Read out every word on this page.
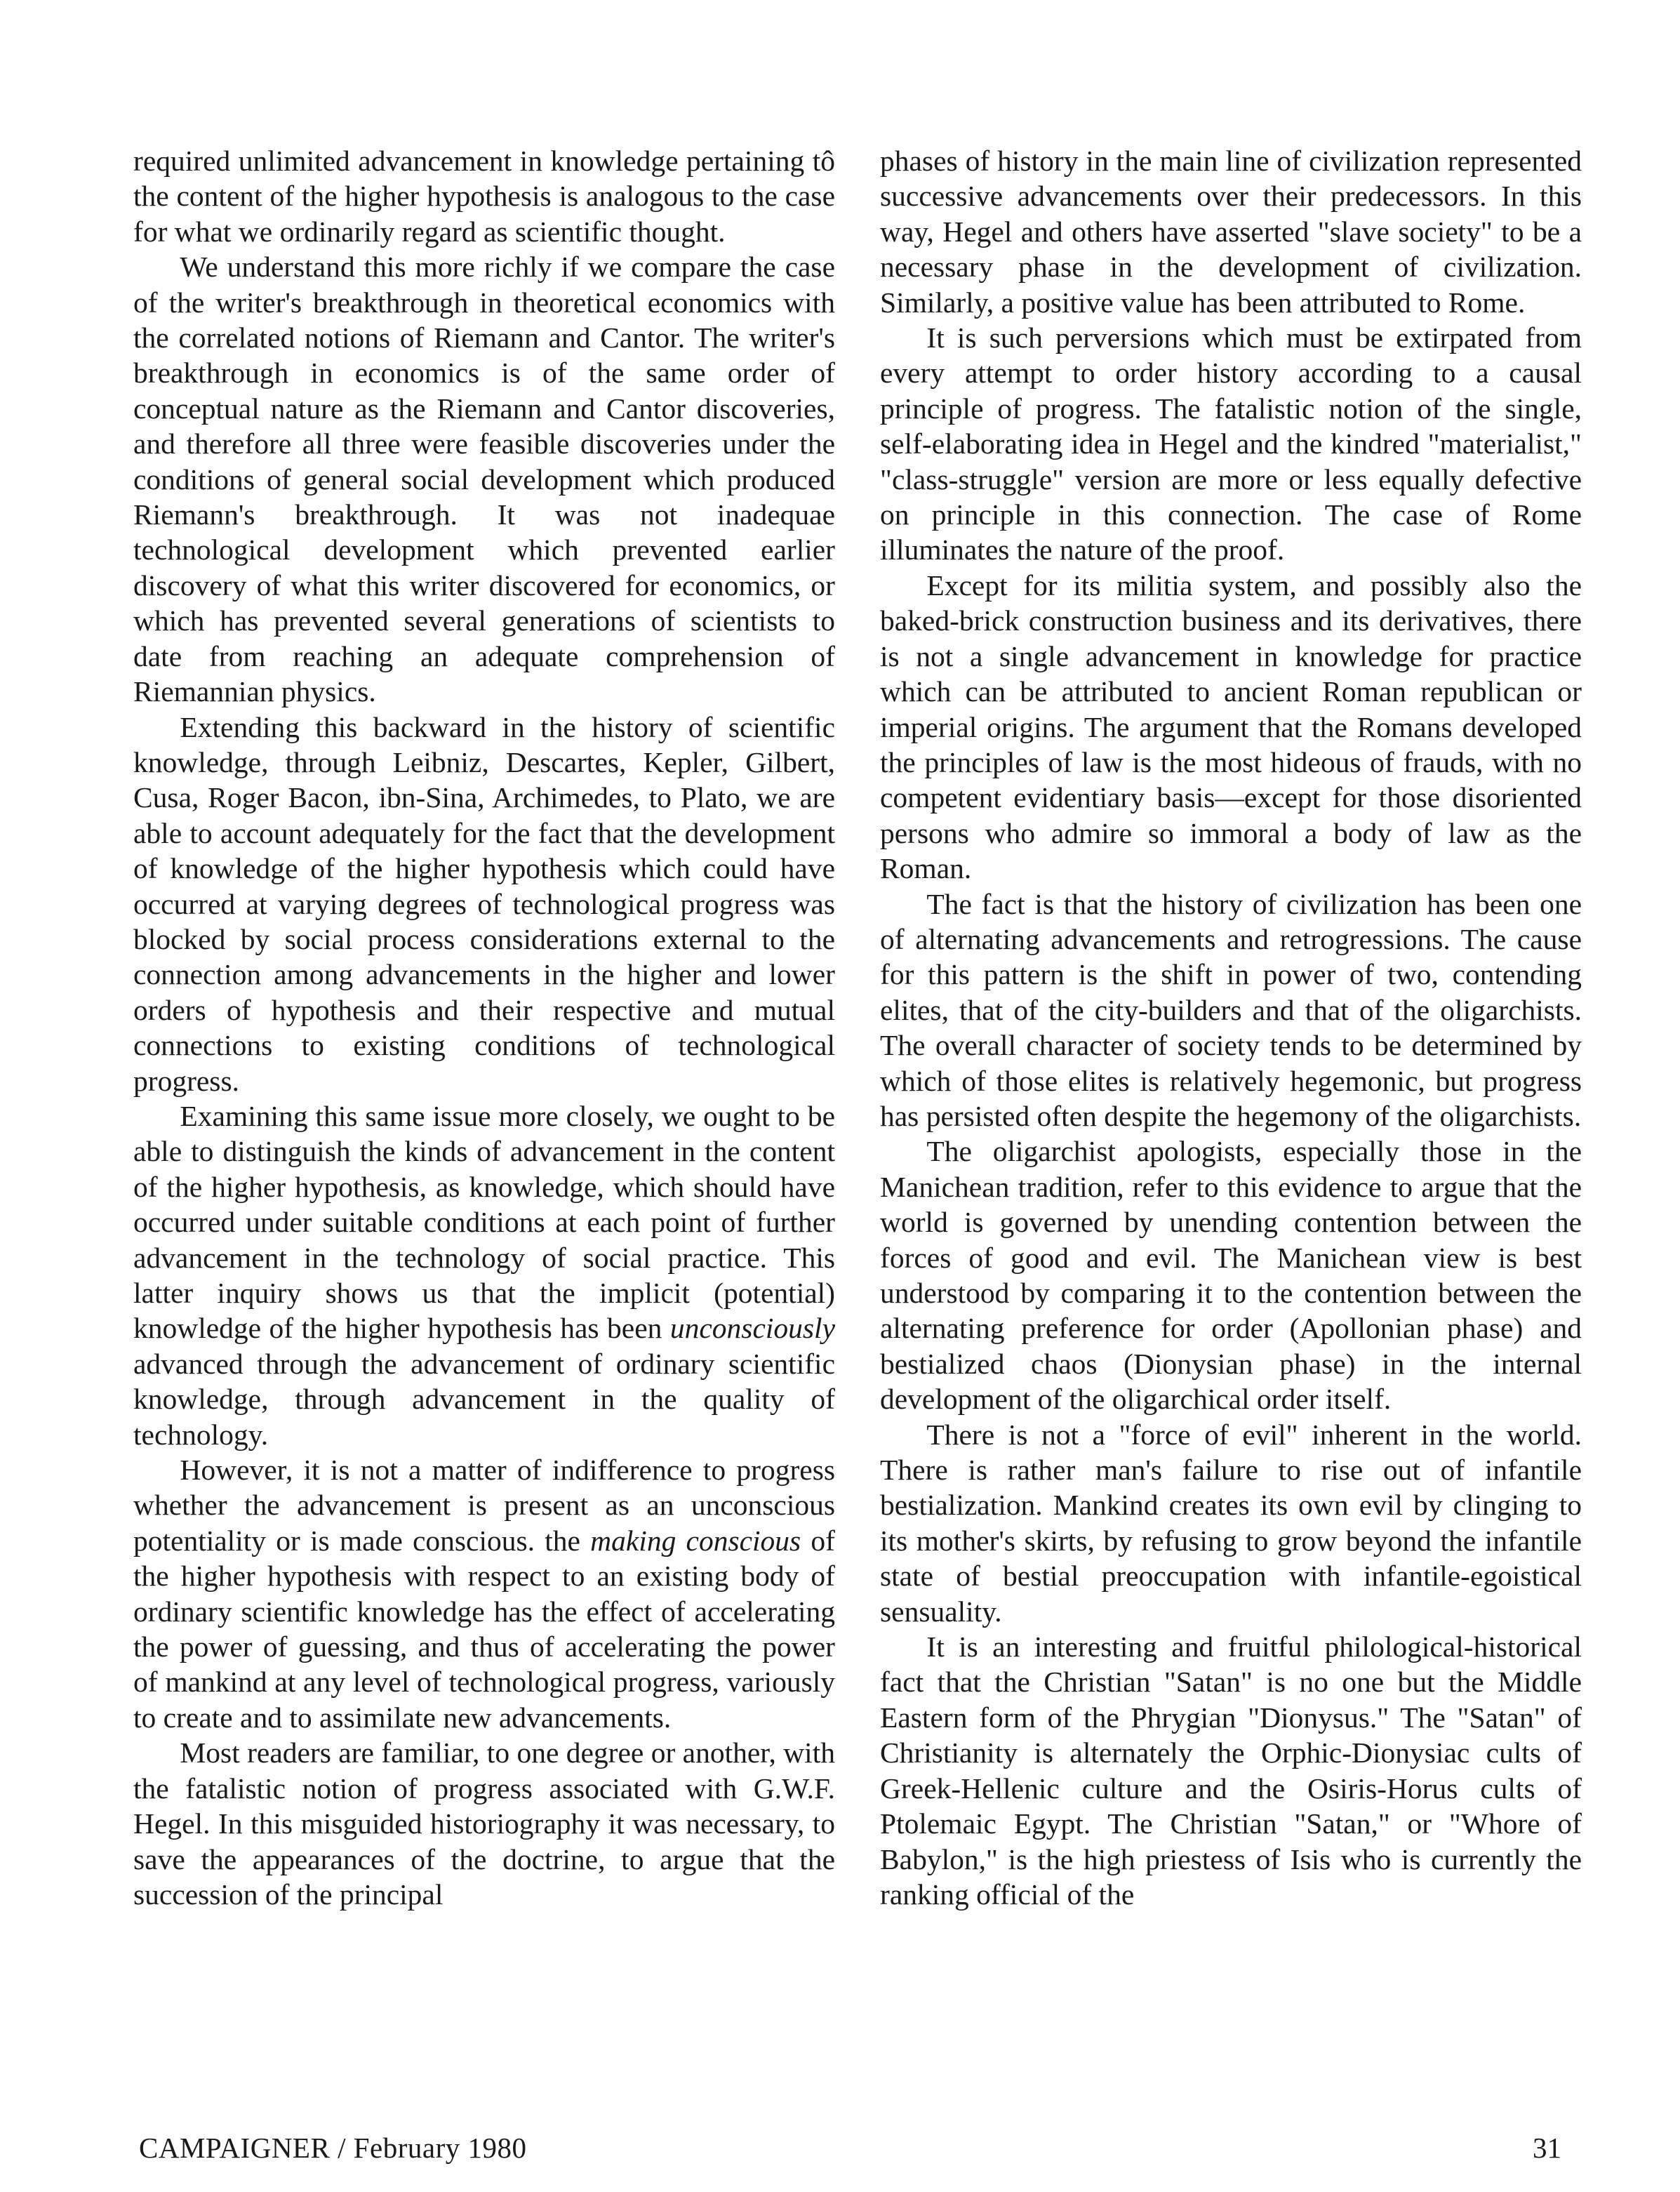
required unlimited advancement in knowledge pertaining tô the content of the higher hypothesis is analogous to the case for what we ordinarily regard as scientific thought.

We understand this more richly if we compare the case of the writer's breakthrough in theoretical economics with the correlated notions of Riemann and Cantor. The writer's breakthrough in economics is of the same order of conceptual nature as the Riemann and Cantor discoveries, and therefore all three were feasible discoveries under the conditions of general social development which produced Riemann's breakthrough. It was not inadequae technological development which prevented earlier discovery of what this writer discovered for economics, or which has prevented several generations of scientists to date from reaching an adequate comprehension of Riemannian physics.

Extending this backward in the history of scientific knowledge, through Leibniz, Descartes, Kepler, Gilbert, Cusa, Roger Bacon, ibn-Sina, Archimedes, to Plato, we are able to account adequately for the fact that the development of knowledge of the higher hypothesis which could have occurred at varying degrees of technological progress was blocked by social process considerations external to the connection among advancements in the higher and lower orders of hypothesis and their respective and mutual connections to existing conditions of technological progress.

Examining this same issue more closely, we ought to be able to distinguish the kinds of advancement in the content of the higher hypothesis, as knowledge, which should have occurred under suitable conditions at each point of further advancement in the technology of social practice. This latter inquiry shows us that the implicit (potential) knowledge of the higher hypothesis has been unconsciously advanced through the advancement of ordinary scientific knowledge, through advancement in the quality of technology.

However, it is not a matter of indifference to progress whether the advancement is present as an unconscious potentiality or is made conscious. the making conscious of the higher hypothesis with respect to an existing body of ordinary scientific knowledge has the effect of accelerating the power of guessing, and thus of accelerating the power of mankind at any level of technological progress, variously to create and to assimilate new advancements.

Most readers are familiar, to one degree or another, with the fatalistic notion of progress associated with G.W.F. Hegel. In this misguided historiography it was necessary, to save the appearances of the doctrine, to argue that the succession of the principal

phases of history in the main line of civilization represented successive advancements over their predecessors. In this way, Hegel and others have asserted "slave society" to be a necessary phase in the development of civilization. Similarly, a positive value has been attributed to Rome.

It is such perversions which must be extirpated from every attempt to order history according to a causal principle of progress. The fatalistic notion of the single, self-elaborating idea in Hegel and the kindred "materialist," "class-struggle" version are more or less equally defective on principle in this connection. The case of Rome illuminates the nature of the proof.

Except for its militia system, and possibly also the baked-brick construction business and its derivatives, there is not a single advancement in knowledge for practice which can be attributed to ancient Roman republican or imperial origins. The argument that the Romans developed the principles of law is the most hideous of frauds, with no competent evidentiary basis—except for those disoriented persons who admire so immoral a body of law as the Roman.

The fact is that the history of civilization has been one of alternating advancements and retrogressions. The cause for this pattern is the shift in power of two, contending elites, that of the city-builders and that of the oligarchists. The overall character of society tends to be determined by which of those elites is relatively hegemonic, but progress has persisted often despite the hegemony of the oligarchists.

The oligarchist apologists, especially those in the Manichean tradition, refer to this evidence to argue that the world is governed by unending contention between the forces of good and evil. The Manichean view is best understood by comparing it to the contention between the alternating preference for order (Apollonian phase) and bestialized chaos (Dionysian phase) in the internal development of the oligarchical order itself.

There is not a "force of evil" inherent in the world. There is rather man's failure to rise out of infantile bestialization. Mankind creates its own evil by clinging to its mother's skirts, by refusing to grow beyond the infantile state of bestial preoccupation with infantile-egoistical sensuality.

It is an interesting and fruitful philological-historical fact that the Christian "Satan" is no one but the Middle Eastern form of the Phrygian "Dionysus." The "Satan" of Christianity is alternately the Orphic-Dionysiac cults of Greek-Hellenic culture and the Osiris-Horus cults of Ptolemaic Egypt. The Christian "Satan," or "Whore of Babylon," is the high priestess of Isis who is currently the ranking official of the

CAMPAIGNER / February 1980	31
